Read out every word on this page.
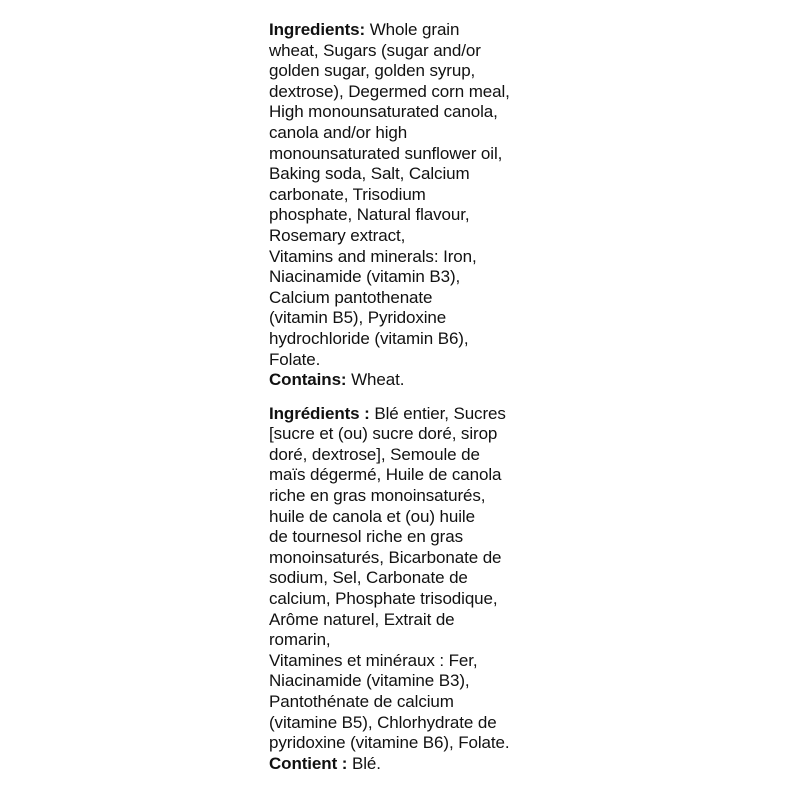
Ingredients: Whole grain
wheat, Sugars (sugar and/or
golden sugar, golden syrup,
dextrose), Degermed corn meal,
High monounsaturated canola,
canola and/or high
monounsaturated sunflower oil,
Baking soda, Salt, Calcium
carbonate, Trisodium
phosphate, Natural flavour,
Rosemary extract,
Vitamins and minerals: Iron,
Niacinamide (vitamin B3),
Calcium pantothenate
(vitamin B5), Pyridoxine
hydrochloride (vitamin B6),
Folate.
Contains: Wheat.
Ingrédients : Blé entier, Sucres
[sucre et (ou) sucre doré, sirop
doré, dextrose], Semoule de
maïs dégermé, Huile de canola
riche en gras monoinsaturés,
huile de canola et (ou) huile
de tournesol riche en gras
monoinsaturés, Bicarbonate de
sodium, Sel, Carbonate de
calcium, Phosphate trisodique,
Arôme naturel, Extrait de
romarin,
Vitamines et minéraux : Fer,
Niacinamide (vitamine B3),
Pantothénate de calcium
(vitamine B5), Chlorhydrate de
pyridoxine (vitamine B6), Folate.
Contient : Blé.
